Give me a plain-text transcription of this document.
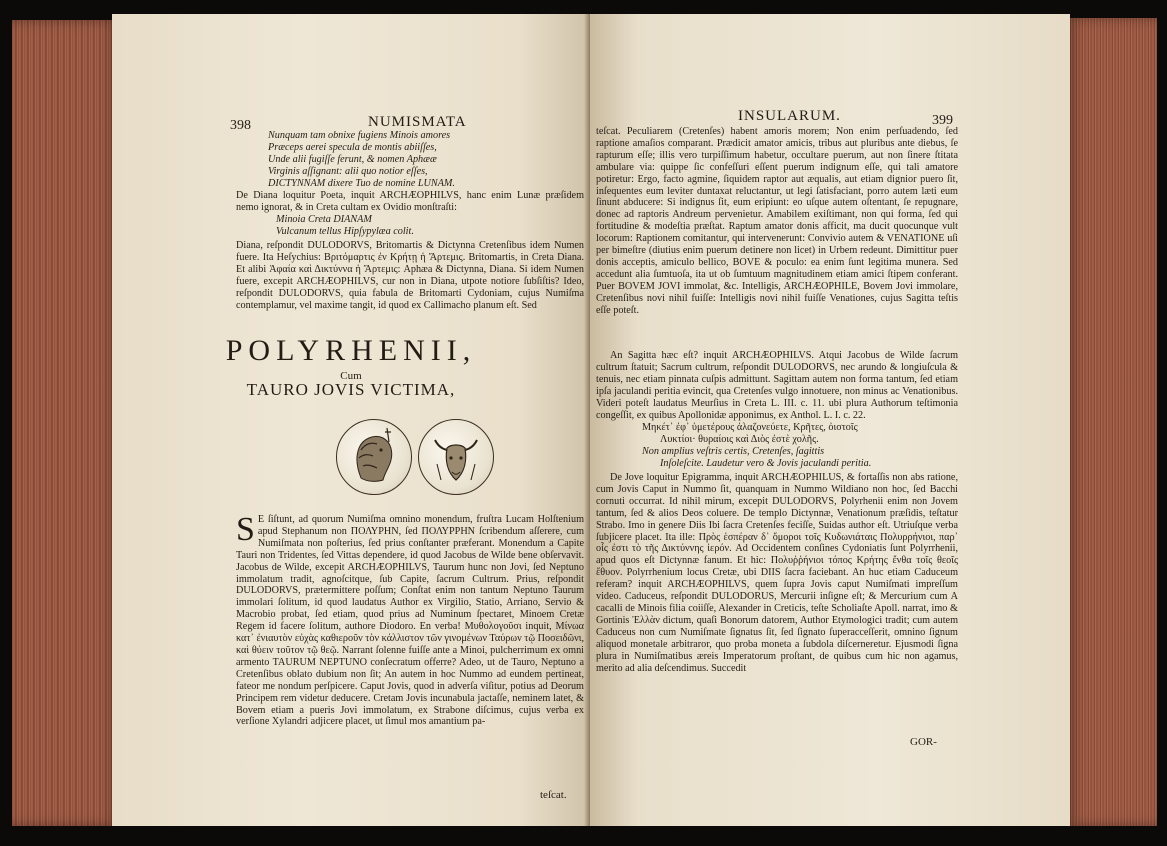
398	NUMISMATA
Nunquam tam obnixe fugiens Minois amores
Præceps aerei specula de montis abiiſſes,
Unde alii fugiſſe ferunt, & nomen Aphææ
Virginis aſſignant: alii quo notior eſſes,
DICTYNNAM dixere Tuo de nomine LUNAM.
De Diana loquitur Poeta, inquit ARCHÆOPHILVS, hanc enim Lunæ præſidem nemo ignorat, & in Creta cultam ex Ovidio monſtraſti:
Minoia Creta DIANAM
Vulcanum tellus Hipſypylæa colit.
Diana, reſpondit DULODORVS, Britomartis & Dictynna Cretenſibus idem Numen fuere. Ita Heſychius: Βριτόμαρτις ἐν Κρήτῃ ἡ Ἄρτεμις. Britomartis, in Creta Diana. Et alibi Ἀφαία καὶ Δικτύννα ἡ Ἄρτεμις: Aphæa & Dictynna, Diana. Si idem Numen fuere, excepit ARCHÆOPHILVS, cur non in Diana, utpote notiore ſubſiſtis? Ideo, reſpondit DULODORVS, quia fabula de Britomarti Cydoniam, cujus Numiſma contemplamur, vel maxime tangit, id quod ex Callimacho planum eſt. Sed
POLYRHENII,
Cum
TAURO JOVIS VICTIMA,
S E ſiſtunt, ad quorum Numiſma omnino monendum, fruſtra Lucam Holſtenium apud Stephanum non ΠΟΛΥΡΗΝ, ſed ΠΟΛΥΡΡΗΝ ſcribendum aſſerere, cum Numiſmata non poſterius, ſed prius conſtanter præferant. Monendum a Capite Tauri non Tridentes, ſed Vittas dependere, id quod Jacobus de Wilde bene obſervavit. Jacobus de Wilde, excepit ARCHÆOPHILVS, Taurum hunc non Jovi, ſed Neptuno immolatum tradit, agnoſcitque, ſub Capite, ſacrum Cultrum. Prius, reſpondit DULODORVS, prætermittere poſſum; Conſtat enim non tantum Neptuno Taurum immolari ſolitum, id quod laudatus Author ex Virgilio, Statio, Arriano, Servio & Macrobio probat, ſed etiam, quod prius ad Numinum ſpectaret, Minoem Cretæ Regem id facere ſolitum, authore Diodoro. En verba! Μυθολογοῦσι inquit, Μίνωα κατ᾽ ἐνιαυτὸν εὐχὰς καθιεροῦν τὸν κάλλιστον τῶν γινομένων Ταύρων τῷ Ποσειδῶνι, καὶ θύειν τοῦτον τῷ θεῷ. Narrant ſolenne fuiſſe ante a Minoi, pulcherrimum ex omni armento TAURUM NEPTUNO conſecratum offerre? Adeo, ut de Tauro, Neptuno a Cretenſibus oblato dubium non ſit; An autem in hoc Nummo ad eundem pertineat, fateor me nondum perſpicere. Caput Jovis, quod in adverſa viſitur, potius ad Deorum Principem rem videtur deducere. Cretam Jovis incunabula jactaſſe, neminem latet, & Bovem etiam a pueris Jovi immolatum, ex Strabone diſcimus, cujus verba ex verſione Xylandri adjicere placet, ut ſimul mos amantium pa-
teſcat.
INSULARUM.	399
teſcat. Peculiarem (Cretenſes) habent amoris morem; Non enim perſuadendo, ſed raptione amaſios comparant. Prædicit amator amicis, tribus aut pluribus ante diebus, ſe rapturum eſſe; illis vero turpiſſimum habetur, occultare puerum, aut non ſinere ſtitata ambulare via: quippe ſic confeſſuri eſſent puerum indignum eſſe, qui tali amatore potiretur: Ergo, facto agmine, ſiquidem raptor aut æqualis, aut etiam dignior puero ſit, inſequentes eum leviter duntaxat reluctantur, ut legi ſatisfaciant, porro autem læti eum ſinunt abducere: Si indignus ſit, eum eripiunt: eo uſque autem oſtentant, ſe repugnare, donec ad raptoris Andreum pervenietur. Amabilem exiſtimant, non qui forma, ſed qui fortitudine & modeſtia præſtat. Raptum amator donis afficit, ma ducit quocunque vult locorum: Raptionem comitantur, qui intervenerunt: Convivio autem & VENATIONE uſi per bimeſtre (diutius enim puerum detinere non licet) in Urbem redeunt. Dimittitur puer donis acceptis, amiculo bellico, BOVE & poculo: ea enim ſunt legitima munera. Sed accedunt alia ſumtuoſa, ita ut ob ſumtuum magnitudinem etiam amici ſtipem conferant. Puer BOVEM JOVI immolat, &c. Intelligis, ARCHÆOPHILE, Bovem Jovi immolare, Cretenſibus novi nihil fuiſſe: Intelligis novi nihil fuiſſe Venationes, cujus Sagitta teſtis eſſe poteſt.
An Sagitta hæc eſt? inquit ARCHÆOPHILVS. Atqui Jacobus de Wilde ſacrum cultrum ſtatuit; Sacrum cultrum, reſpondit DULODORVS, nec arundo & longiuſcula & tenuis, nec etiam pinnata cuſpis admittunt. Sagittam autem non forma tantum, ſed etiam ipſa jaculandi peritia evincit, qua Cretenſes vulgo innotuere, non minus ac Venationibus. Videri poteſt laudatus Meurſius in Creta L. III. c. 11. ubi plura Authorum teſtimonia congeſſit, ex quibus Apollonidæ apponimus, ex Anthol. L. I. c. 22.
Μηκέτ᾽ ἐφ᾽ ὑμετέρους ἀλαζονεύετε, Κρῆτες, ὀιστοῖς
Λυκτίοι· θυραίοις καὶ Διὸς ἐστὲ χολῆς.
Non amplius veſtris certis, Cretenſes, ſagittis
Inſoleſcite. Laudetur vero & Jovis jaculandi peritia.
De Jove loquitur Epigramma, inquit ARCHÆOPHILUS, & fortaſſis non abs ratione, cum Jovis Caput in Nummo ſit, quanquam in Nummo Wildiano non hoc, ſed Bacchi cornuti occurrat. Id nihil mirum, excepit DULODORVS, Polyrhenii enim non Jovem tantum, ſed & alios Deos coluere. De templo Dictynnæ, Venationum præſidis, teſtatur Strabo. Imo in genere Diis Ibi ſacra Cretenſes feciſſe, Suidas author eſt. Utriuſque verba ſubjicere placet. Ita ille: Πρὸς ἑσπέραν δ᾽ ὅμοροι τοῖς Κυδωνιάταις Πολυρρήνιοι, παρ᾽ οἷς ἐστι τὸ τῆς Δικτύννης ἱερόν. Ad Occidentem conſines Cydoniatis ſunt Polyrrhenii, apud quos eſt Dictynnæ fanum. Et hic: Πολυῤῥήνιοι τόπος Κρήτης ἔνθα τοῖς θεοῖς ἔθυον. Polyrrhenium locus Cretæ, ubi DIIS ſacra faciebant. An huc etiam Caduceum referam? inquit ARCHÆOPHILVS, quem ſupra Jovis caput Numiſmati impreſſum video. Caduceus, reſpondit DULODORUS, Mercurii inſigne eſt; & Mercurium cum A cacalli de Minois filia coiiſſe, Alexander in Creticis, teſte Scholiaſte Apoll. narrat, imo & Gortinis Ἑλλὰν dictum, quaſi Bonorum datorem, Author Etymologici tradit; cum autem Caduceus non cum Numiſmate ſignatus ſit, ſed ſignato ſuperacceſſerit, omnino ſignum aliquod monetale arbitraror, quo proba moneta a ſubdola diſcerneretur. Ejusmodi ſigna plura in Numiſmatibus æreis Imperatorum proſtant, de quibus cum hic non agamus, merito ad alia deſcendimus. Succedit
GOR-
